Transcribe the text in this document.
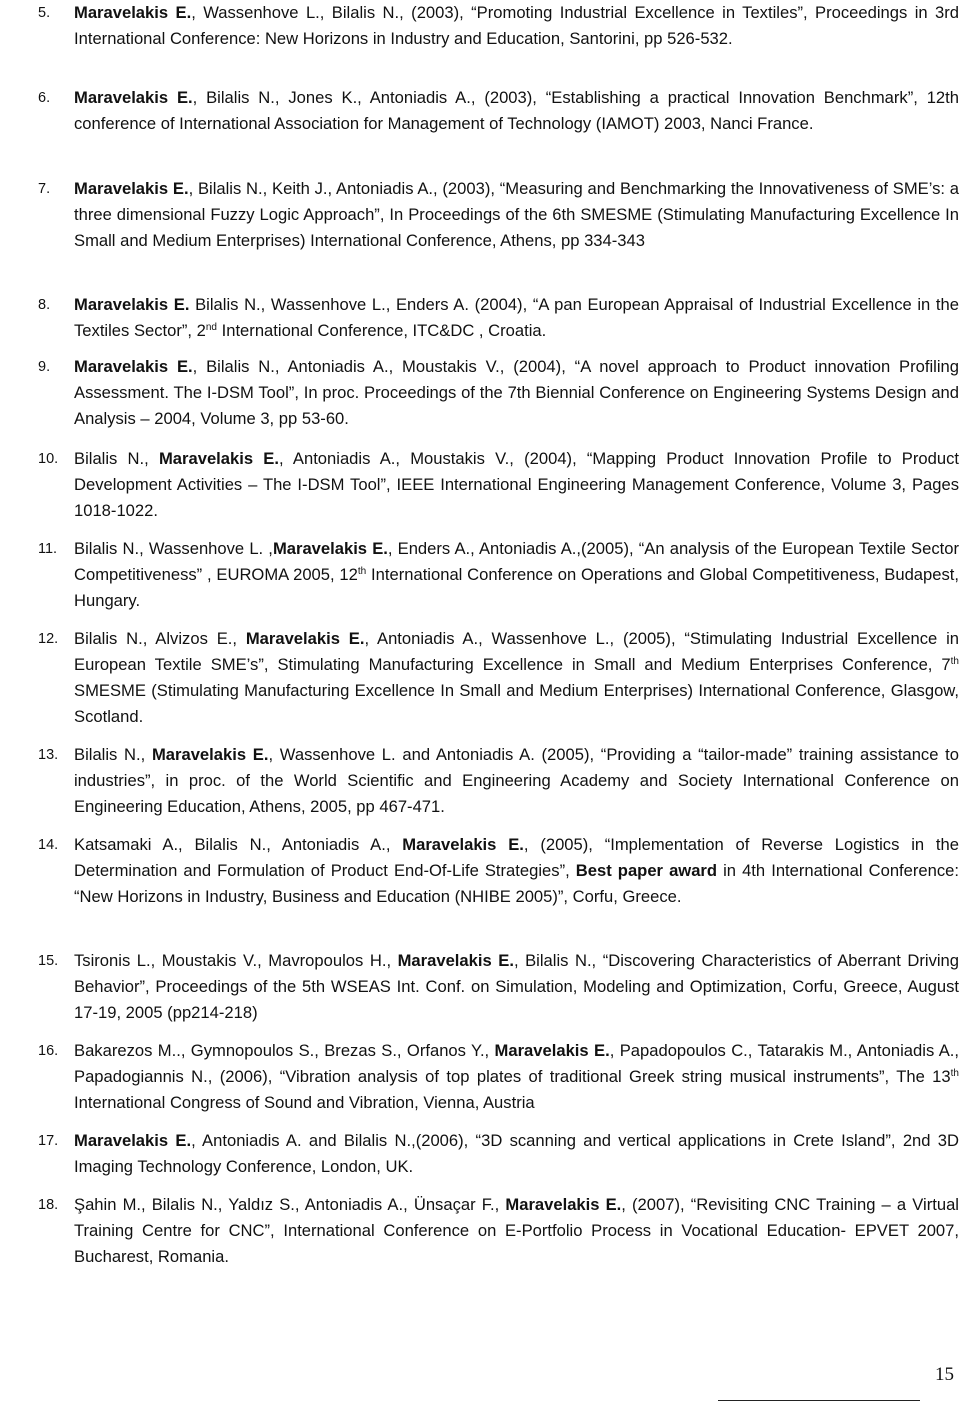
5. Maravelakis E., Wassenhove L., Bilalis N., (2003), “Promoting Industrial Excellence in Textiles”, Proceedings in 3rd International Conference: New Horizons in Industry and Education, Santorini, pp 526-532.
6. Maravelakis E., Bilalis N., Jones K., Antoniadis A., (2003), “Establishing a practical Innovation Benchmark”, 12th conference of International Association for Management of Technology (IAMOT) 2003, Nanci France.
7. Maravelakis E., Bilalis N., Keith J., Antoniadis A., (2003), “Measuring and Benchmarking the Innovativeness of SME’s: a three dimensional Fuzzy Logic Approach”, In Proceedings of the 6th SMESME (Stimulating Manufacturing Excellence In Small and Medium Enterprises) International Conference, Athens, pp 334-343
8. Maravelakis E. Bilalis N., Wassenhove L., Enders A. (2004), “A pan European Appraisal of Industrial Excellence in the Textiles Sector”, 2nd International Conference, ITC&DC , Croatia.
9. Maravelakis E., Bilalis N., Antoniadis A., Moustakis V., (2004), “A novel approach to Product innovation Profiling Assessment. The I-DSM Tool”, In proc. Proceedings of the 7th Biennial Conference on Engineering Systems Design and Analysis – 2004, Volume 3, pp 53-60.
10. Bilalis N., Maravelakis E., Antoniadis A., Moustakis V., (2004), “Mapping Product Innovation Profile to Product Development Activities – The I-DSM Tool”, IEEE International Engineering Management Conference, Volume 3, Pages 1018-1022.
11. Bilalis N., Wassenhove L. ,Maravelakis E., Enders A., Antoniadis A.,(2005), “An analysis of the European Textile Sector Competitiveness” , EUROMA 2005, 12th International Conference on Operations and Global Competitiveness, Budapest, Hungary.
12. Bilalis N., Alvizos E., Maravelakis E., Antoniadis A., Wassenhove L., (2005), “Stimulating Industrial Excellence in European Textile SME’s”, Stimulating Manufacturing Excellence in Small and Medium Enterprises Conference, 7th SMESME (Stimulating Manufacturing Excellence In Small and Medium Enterprises) International Conference, Glasgow, Scotland.
13. Bilalis N., Maravelakis E., Wassenhove L. and Antoniadis A. (2005), “Providing a “tailor-made” training assistance to industries”, in proc. of the World Scientific and Engineering Academy and Society International Conference on Engineering Education, Athens, 2005, pp 467-471.
14. Katsamaki A., Bilalis N., Antoniadis A., Maravelakis E., (2005), “Implementation of Reverse Logistics in the Determination and Formulation of Product End-Of-Life Strategies”, Best paper award in 4th International Conference: “New Horizons in Industry, Business and Education (NHIBE 2005)”, Corfu, Greece.
15. Tsironis L., Moustakis V., Mavropoulos H., Maravelakis E., Bilalis N., “Discovering Characteristics of Aberrant Driving Behavior”, Proceedings of the 5th WSEAS Int. Conf. on Simulation, Modeling and Optimization, Corfu, Greece, August 17-19, 2005 (pp214-218)
16. Bakarezos M.., Gymnopoulos S., Brezas S., Orfanos Y., Maravelakis E., Papadopoulos C., Tatarakis M., Antoniadis A., Papadogiannis N., (2006), “Vibration analysis of top plates of traditional Greek string musical instruments”, The 13th International Congress of Sound and Vibration, Vienna, Austria
17. Maravelakis E., Antoniadis A. and Bilalis N.,(2006), “3D scanning and vertical applications in Crete Island”, 2nd 3D Imaging Technology Conference, London, UK.
18. Şahin M., Bilalis N., Yaldız S., Antoniadis A., Ünsaçar F., Maravelakis E., (2007), “Revisiting CNC Training – a Virtual Training Centre for CNC”, International Conference on E-Portfolio Process in Vocational Education- EPVET 2007, Bucharest, Romania.
15
